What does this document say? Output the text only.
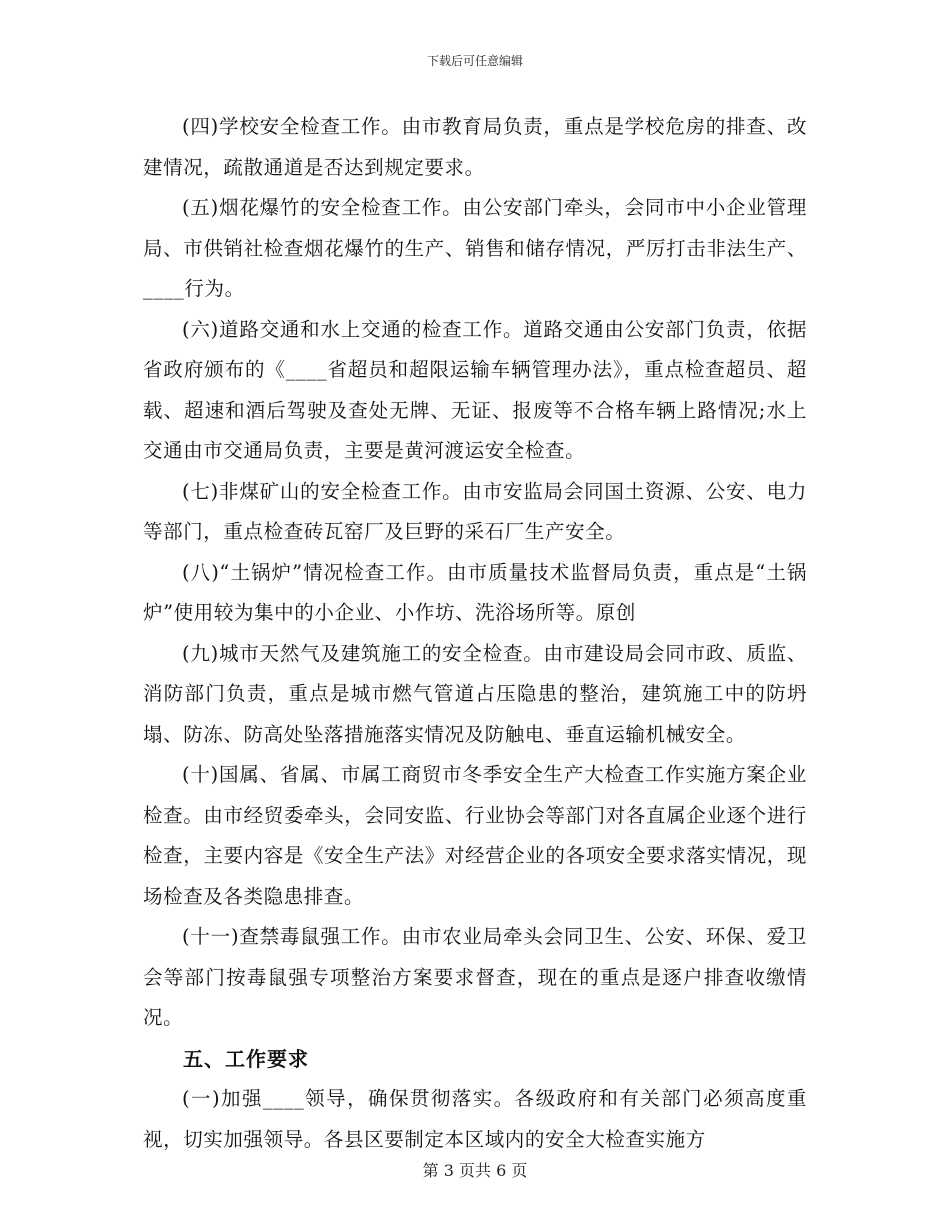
下载后可任意编辑

(四)学校安全检查工作。由市教育局负责，重点是学校危房的排查、改建情况，疏散通道是否达到规定要求。

(五)烟花爆竹的安全检查工作。由公安部门牵头，会同市中小企业管理局、市供销社检查烟花爆竹的生产、销售和储存情况，严厉打击非法生产、____行为。

(六)道路交通和水上交通的检查工作。道路交通由公安部门负责，依据省政府颁布的《____省超员和超限运输车辆管理办法》，重点检查超员、超载、超速和酒后驾驶及查处无牌、无证、报废等不合格车辆上路情况;水上交通由市交通局负责，主要是黄河渡运安全检查。

(七)非煤矿山的安全检查工作。由市安监局会同国土资源、公安、电力等部门，重点检查砖瓦窑厂及巨野的采石厂生产安全。

(八)“土锅炉”情况检查工作。由市质量技术监督局负责，重点是“土锅炉”使用较为集中的小企业、小作坊、洗浴场所等。原创

(九)城市天然气及建筑施工的安全检查。由市建设局会同市政、质监、消防部门负责，重点是城市燃气管道占压隐患的整治，建筑施工中的防坍塌、防冻、防高处坠落措施落实情况及防触电、垂直运输机械安全。

(十)国属、省属、市属工商贸市冬季安全生产大检查工作实施方案企业检查。由市经贸委牵头，会同安监、行业协会等部门对各直属企业逐个进行检查，主要内容是《安全生产法》对经营企业的各项安全要求落实情况，现场检查及各类隐患排查。

(十一)查禁毒鼠强工作。由市农业局牵头会同卫生、公安、环保、爱卫会等部门按毒鼠强专项整治方案要求督查，现在的重点是逐户排查收缴情况。

五、工作要求

(一)加强____领导，确保贯彻落实。各级政府和有关部门必须高度重视，切实加强领导。各县区要制定本区域内的安全大检查实施方

第 3 页共 6 页
